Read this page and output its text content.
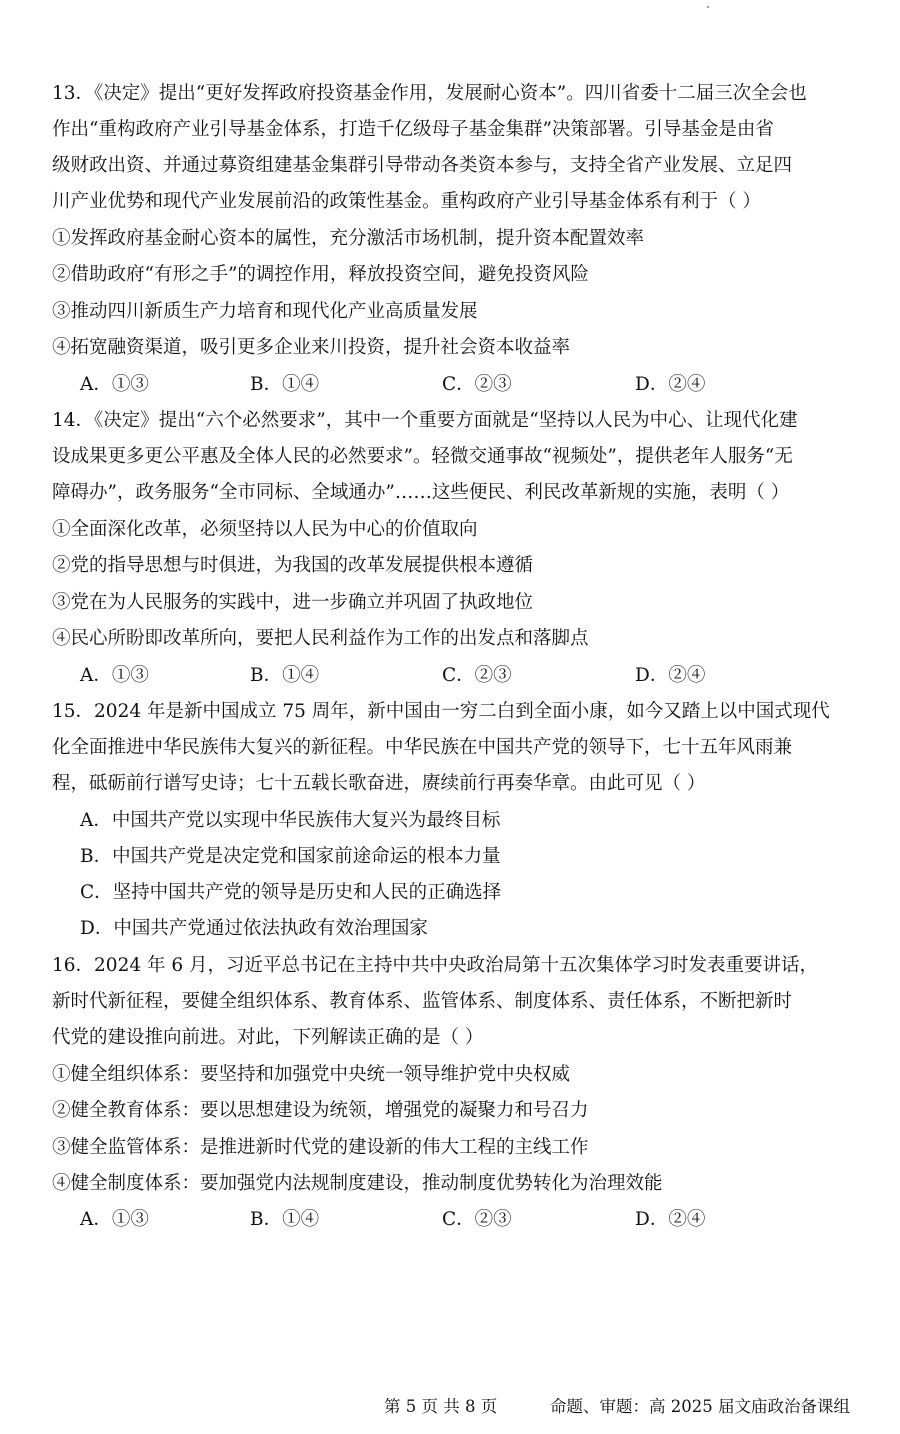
13．《决定》提出“更好发挥政府投资基金作用，发展耐心资本”。四川省委十二届三次全会也
作出“重构政府产业引导基金体系，打造千亿级母子基金集群”决策部署。引导基金是由省
级财政出资、并通过募资组建基金集群引导带动各类资本参与，支持全省产业发展、立足四
川产业优势和现代产业发展前沿的政策性基金。重构政府产业引导基金体系有利于（ ）
①发挥政府基金耐心资本的属性，充分激活市场机制，提升资本配置效率
②借助政府“有形之手”的调控作用，释放投资空间，避免投资风险
③推动四川新质生产力培育和现代化产业高质量发展
④拓宽融资渠道，吸引更多企业来川投资，提升社会资本收益率
A．①③	B．①④	C．②③	D．②④
14．《决定》提出“六个必然要求”，其中一个重要方面就是“坚持以人民为中心、让现代化建
设成果更多更公平惠及全体人民的必然要求”。轻微交通事故“视频处”，提供老年人服务“无
障碍办”，政务服务“全市同标、全域通办”……这些便民、利民改革新规的实施，表明（ ）
①全面深化改革，必须坚持以人民为中心的价值取向
②党的指导思想与时俱进，为我国的改革发展提供根本遵循
③党在为人民服务的实践中，进一步确立并巩固了执政地位
④民心所盼即改革所向，要把人民利益作为工作的出发点和落脚点
A．①③	B．①④	C．②③	D．②④
15．2024 年是新中国成立 75 周年，新中国由一穷二白到全面小康，如今又踏上以中国式现代
化全面推进中华民族伟大复兴的新征程。中华民族在中国共产党的领导下，七十五年风雨兼
程，砥砺前行谱写史诗；七十五载长歌奋进，赓续前行再奏华章。由此可见（ ）
A．中国共产党以实现中华民族伟大复兴为最终目标
B．中国共产党是决定党和国家前途命运的根本力量
C．坚持中国共产党的领导是历史和人民的正确选择
D．中国共产党通过依法执政有效治理国家
16．2024 年 6 月，习近平总书记在主持中共中央政治局第十五次集体学习时发表重要讲话，
新时代新征程，要健全组织体系、教育体系、监管体系、制度体系、责任体系，不断把新时
代党的建设推向前进。对此，下列解读正确的是（ ）
①健全组织体系：要坚持和加强党中央统一领导维护党中央权威
②健全教育体系：要以思想建设为统领，增强党的凝聚力和号召力
③健全监管体系：是推进新时代党的建设新的伟大工程的主线工作
④健全制度体系：要加强党内法规制度建设，推动制度优势转化为治理效能
A．①③	B．①④	C．②③	D．②④
第 5 页 共 8 页	命题、审题：高 2025 届文庙政治备课组
